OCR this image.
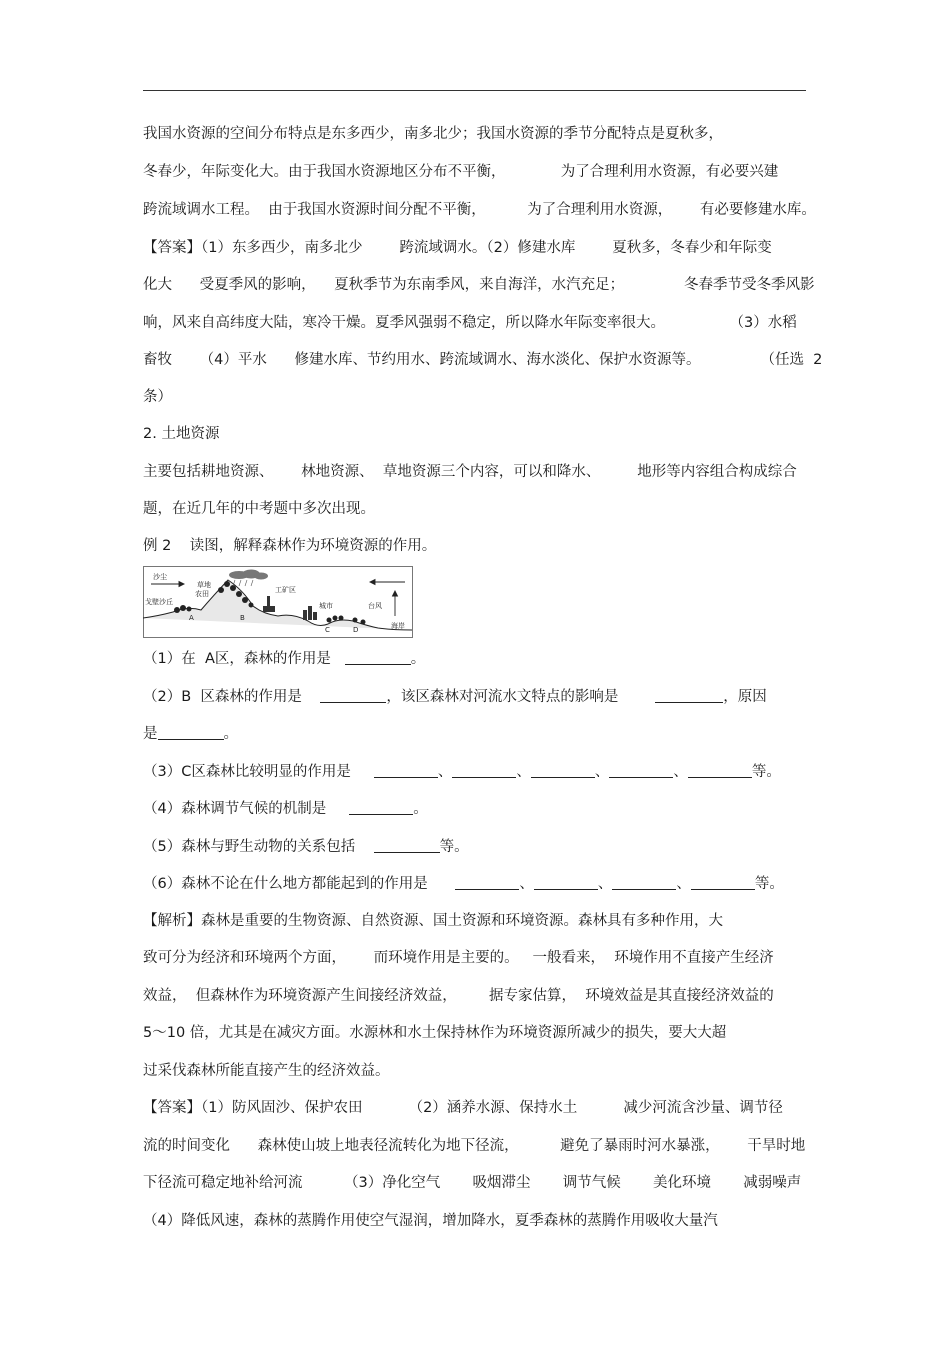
我国水资源的空间分布特点是东多西少，南多北少；我国水资源的季节分配特点是夏秋多，
冬春少，年际变化大。由于我国水资源地区分布不平衡，            为了合理利用水资源，有必要兴建
跨流域调水工程。  由于我国水资源时间分配不平衡，         为了合理利用水资源，      有必要修建水库。
【答案】（1）东多西少，南多北少        跨流域调水。（2）修建水库        夏秋多，冬春少和年际变
化大      受夏季风的影响，    夏秋季节为东南季风，来自海洋，水汽充足；             冬春季节受冬季风影
响，风来自高纬度大陆，寒冷干燥。夏季风强弱不稳定，所以降水年际变率很大。              （3）水稻
畜牧      （4）平水      修建水库、节约用水、跨流域调水、海水淡化、保护水资源等。             （任选  2
条）
2. 土地资源
主要包括耕地资源、      林地资源、  草地资源三个内容，可以和降水、        地形等内容组合构成综合
题，在近几年的中考题中多次出现。
例 2    读图，解释森林作为环境资源的作用。
沙尘
草地
农田	工矿区
城市	台风
戈壁沙丘
海岸
A	B
C	D
（1）在  A区，森林的作用是	。
（2）B  区森林的作用是	，该区森林对河流水文特点的影响是	，原因
是	。
（3）C区森林比较明显的作用是	、	、	、	、	等。
（4）森林调节气候的机制是	。
（5）森林与野生动物的关系包括	等。
（6）森林不论在什么地方都能起到的作用是	、	、	、	等。
【解析】森林是重要的生物资源、自然资源、国土资源和环境资源。森林具有多种作用，大
致可分为经济和环境两个方面，      而环境作用是主要的。   一般看来，  环境作用不直接产生经济
效益，  但森林作为环境资源产生间接经济效益，       据专家估算，  环境效益是其直接经济效益的
5～10 倍，尤其是在减灾方面。水源林和水土保持林作为环境资源所减少的损失，要大大超
过采伐森林所能直接产生的经济效益。
【答案】（1）防风固沙、保护农田          （2）涵养水源、保持水土          减少河流含沙量、调节径
流的时间变化      森林使山坡上地表径流转化为地下径流，         避免了暴雨时河水暴涨，      干旱时地
下径流可稳定地补给河流         （3）净化空气       吸烟滞尘       调节气候       美化环境       减弱噪声
（4）降低风速，森林的蒸腾作用使空气湿润，增加降水，夏季森林的蒸腾作用吸收大量汽
